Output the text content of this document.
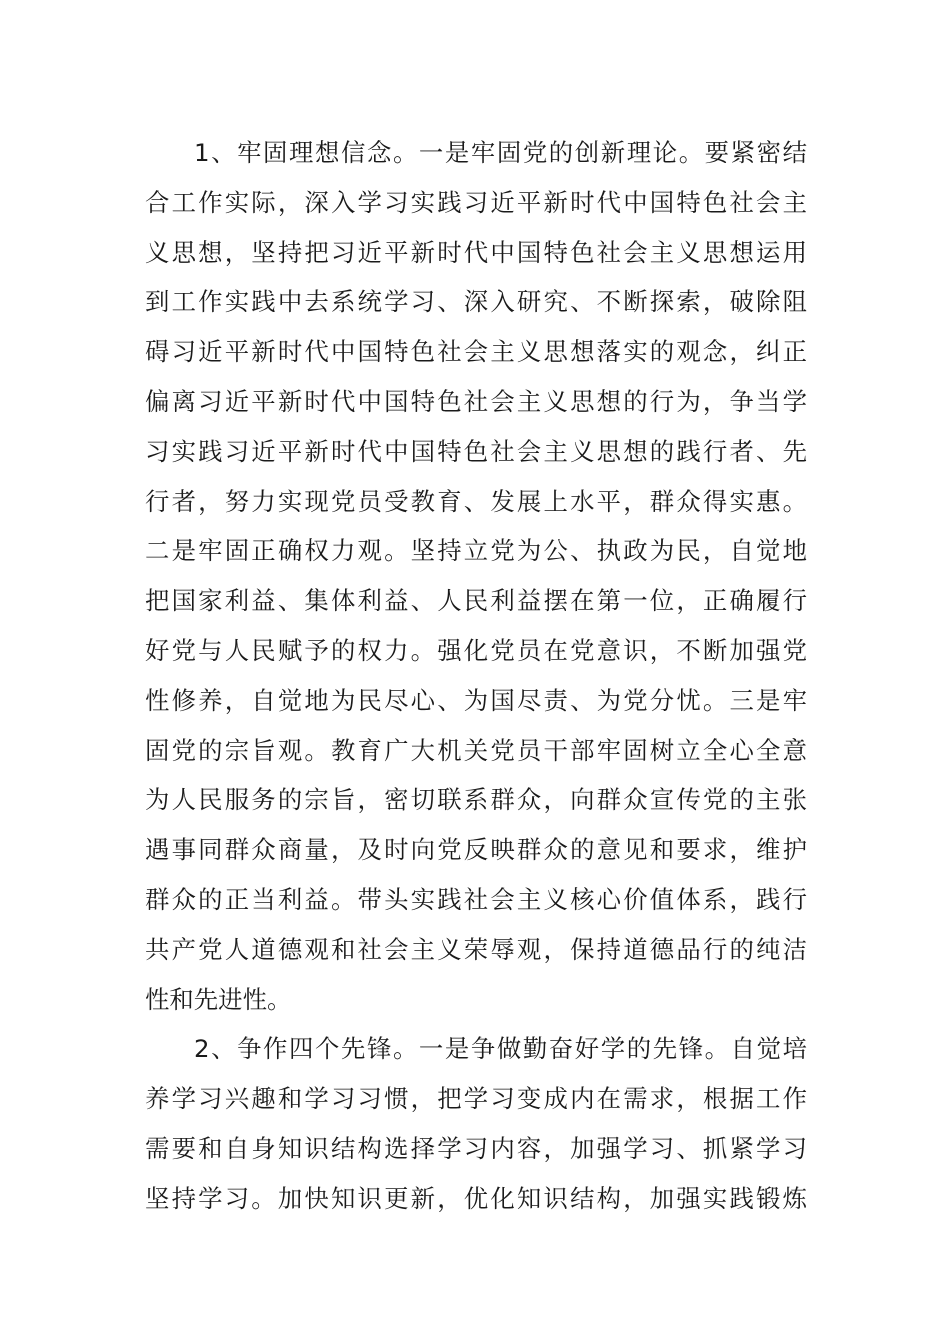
1、牢固理想信念。一是牢固党的创新理论。要紧密结
合工作实际，深入学习实践习近平新时代中国特色社会主
义思想，坚持把习近平新时代中国特色社会主义思想运用
到工作实践中去系统学习、深入研究、不断探索，破除阻
碍习近平新时代中国特色社会主义思想落实的观念，纠正
偏离习近平新时代中国特色社会主义思想的行为，争当学
习实践习近平新时代中国特色社会主义思想的践行者、先
行者，努力实现党员受教育、发展上水平，群众得实惠。
二是牢固正确权力观。坚持立党为公、执政为民，自觉地
把国家利益、集体利益、人民利益摆在第一位，正确履行
好党与人民赋予的权力。强化党员在党意识，不断加强党
性修养，自觉地为民尽心、为国尽责、为党分忧。三是牢
固党的宗旨观。教育广大机关党员干部牢固树立全心全意
为人民服务的宗旨，密切联系群众，向群众宣传党的主张
遇事同群众商量，及时向党反映群众的意见和要求，维护
群众的正当利益。带头实践社会主义核心价值体系，践行
共产党人道德观和社会主义荣辱观，保持道德品行的纯洁
性和先进性。
2、争作四个先锋。一是争做勤奋好学的先锋。自觉培
养学习兴趣和学习习惯，把学习变成内在需求，根据工作
需要和自身知识结构选择学习内容，加强学习、抓紧学习
坚持学习。加快知识更新，优化知识结构，加强实践锻炼
